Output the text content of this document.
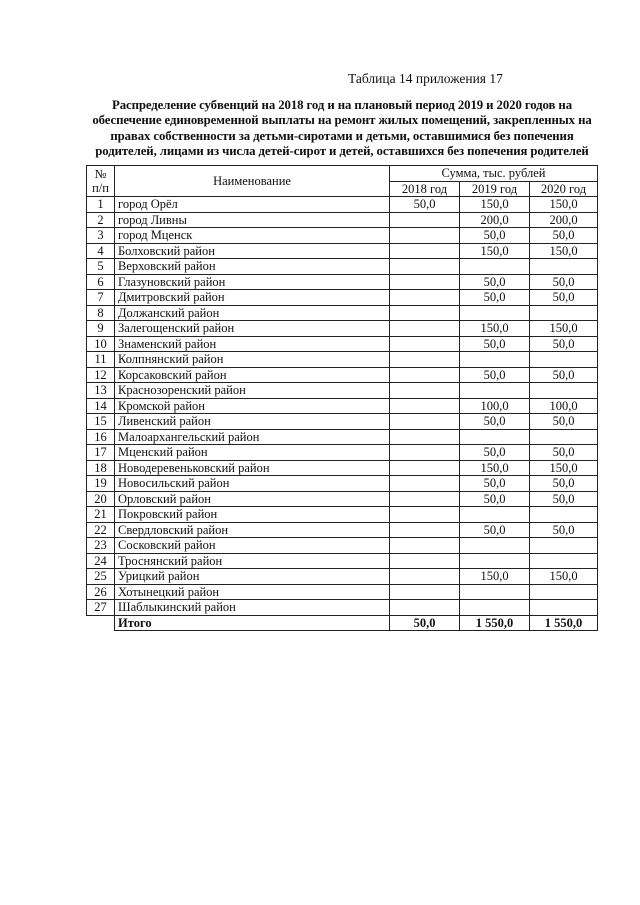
Таблица 14 приложения 17
Распределение субвенций на 2018 год и на плановый период 2019 и 2020 годов на
обеспечение единовременной выплаты на ремонт жилых помещений, закрепленных на
правах собственности за детьми-сиротами и детьми, оставшимися без попечения
родителей, лицами из числа детей-сирот и детей, оставшихся без попечения родителей
№
п/п	Наименование	Сумма, тыс. рублей		
		2018 год	2019 год	2020 год
1	город Орёл	50,0	150,0	150,0
2	город Ливны		200,0	200,0
3	город Мценск		50,0	50,0
4	Болховский район		150,0	150,0
5	Верховский район			
6	Глазуновский район		50,0	50,0
7	Дмитровский район		50,0	50,0
8	Должанский район			
9	Залегощенский район		150,0	150,0
10	Знаменский район		50,0	50,0
11	Колпнянский район			
12	Корсаковский район		50,0	50,0
13	Краснозоренский район			
14	Кромской район		100,0	100,0
15	Ливенский район		50,0	50,0
16	Малоархангельский район			
17	Мценский район		50,0	50,0
18	Новодеревеньковский район		150,0	150,0
19	Новосильский район		50,0	50,0
20	Орловский район		50,0	50,0
21	Покровский район			
22	Свердловский район		50,0	50,0
23	Сосковский район			
24	Троснянский район			
25	Урицкий район		150,0	150,0
26	Хотынецкий район			
27	Шаблыкинский район			
	Итого	50,0	1 550,0	1 550,0
